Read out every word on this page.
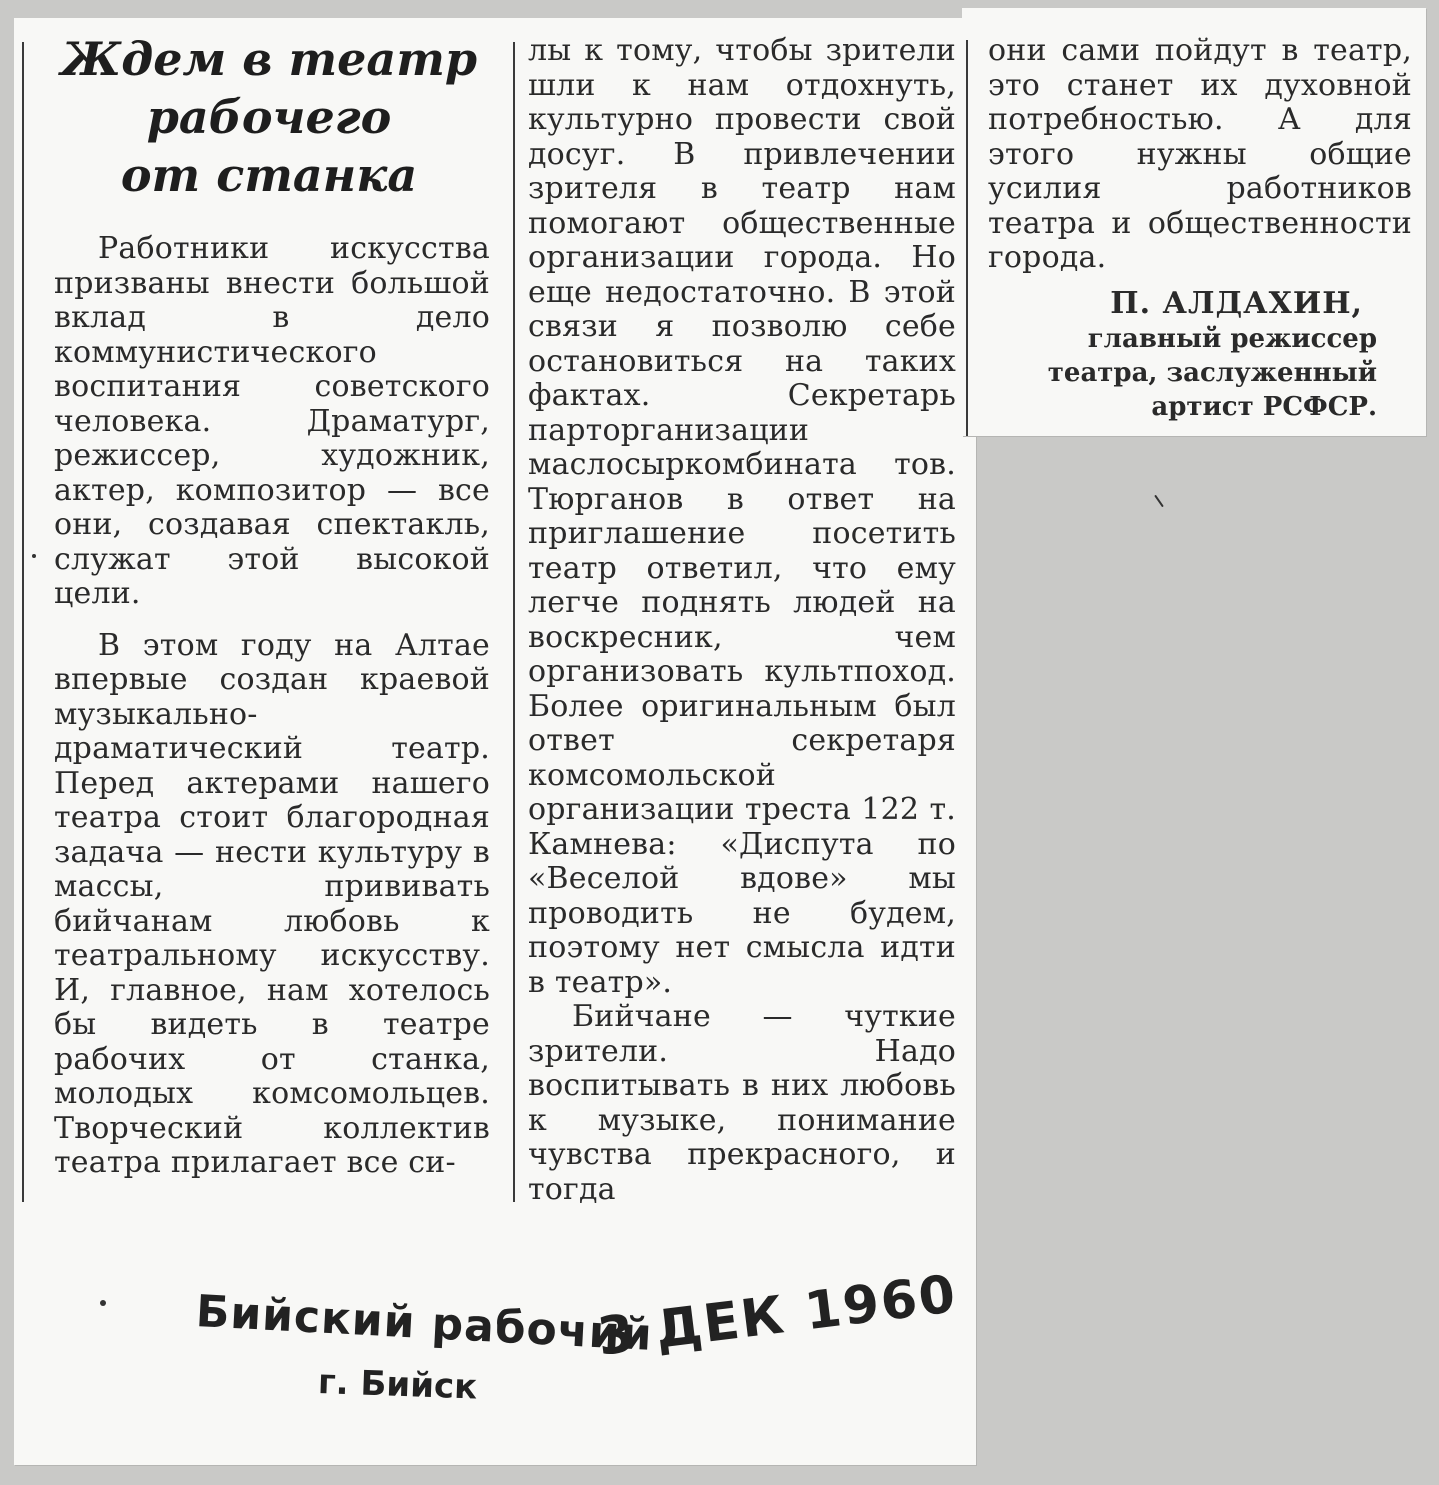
Ждем в театр
рабочего
от станка

Работники искусства призваны внести большой вклад в дело коммунистического воспитания советского человека. Драматург, режиссер, художник, актер, композитор — все они, создавая спектакль, служат этой высокой цели.

В этом году на Алтае впервые создан краевой музыкально-драматический театр. Перед актерами нашего театра стоит благородная задача — нести культуру в массы, прививать бийчанам любовь к театральному искусству. И, главное, нам хотелось бы видеть в театре рабочих от станка, молодых комсомольцев. Творческий коллектив театра прилагает все си-

лы к тому, чтобы зрители шли к нам отдохнуть, культурно провести свой досуг. В привлечении зрителя в театр нам помогают общественные организации города. Но еще недостаточно. В этой связи я позволю себе остановиться на таких фактах. Секретарь парторганизации маслосыркомбината тов. Тюрганов в ответ на приглашение посетить театр ответил, что ему легче поднять людей на воскресник, чем организовать культпоход. Более оригинальным был ответ секретаря комсомольской организации треста 122 т. Камнева: «Диспута по «Веселой вдове» мы проводить не будем, поэтому нет смысла идти в театр».

Бийчане — чуткие зрители. Надо воспитывать в них любовь к музыке, понимание чувства прекрасного, и тогда

они сами пойдут в театр, это станет их духовной потребностью. А для этого нужны общие усилия работников театра и общественности города.

П. АЛДАХИН,
главный режиссер
театра, заслуженный
артист РСФСР.
Бийский рабочий
г. Бийск
3 ДЕК 1960
